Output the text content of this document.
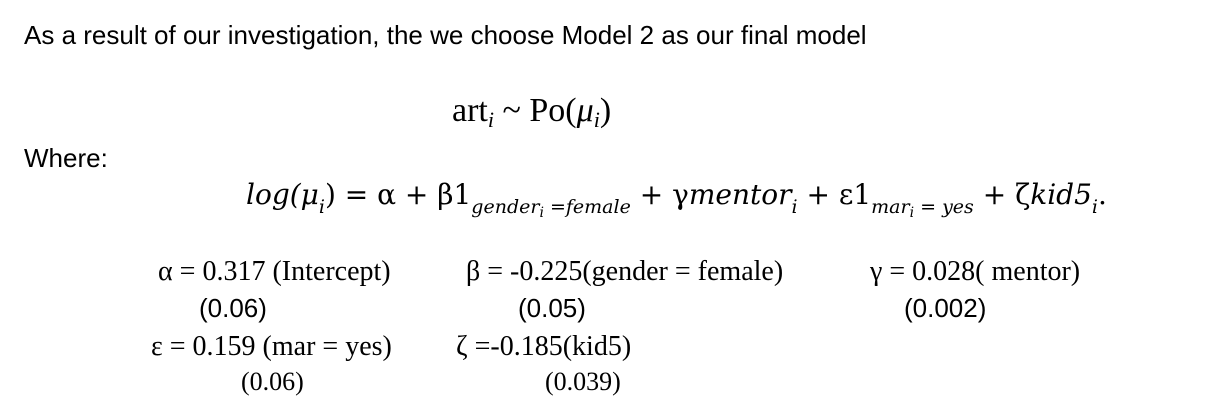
As a result of our investigation, the we choose Model 2 as our final model
art$_i$ ~ $Po(\mu_i)$
Where:
$\log(\mu_i) = \alpha + \beta 1_{gender_i =female}$ + γmentor$_i$ + $\varepsilon 1_{mar_i = yes} + \zeta kid5_i$.
α = 0.317 (Intercept)
(0.06)
β = -0.225(gender = female)
(0.05)
γ = 0.028( mentor)
(0.002)
ε = 0.159 (mar = yes)
(0.06)
ζ =-0.185(kid5)
(0.039)
